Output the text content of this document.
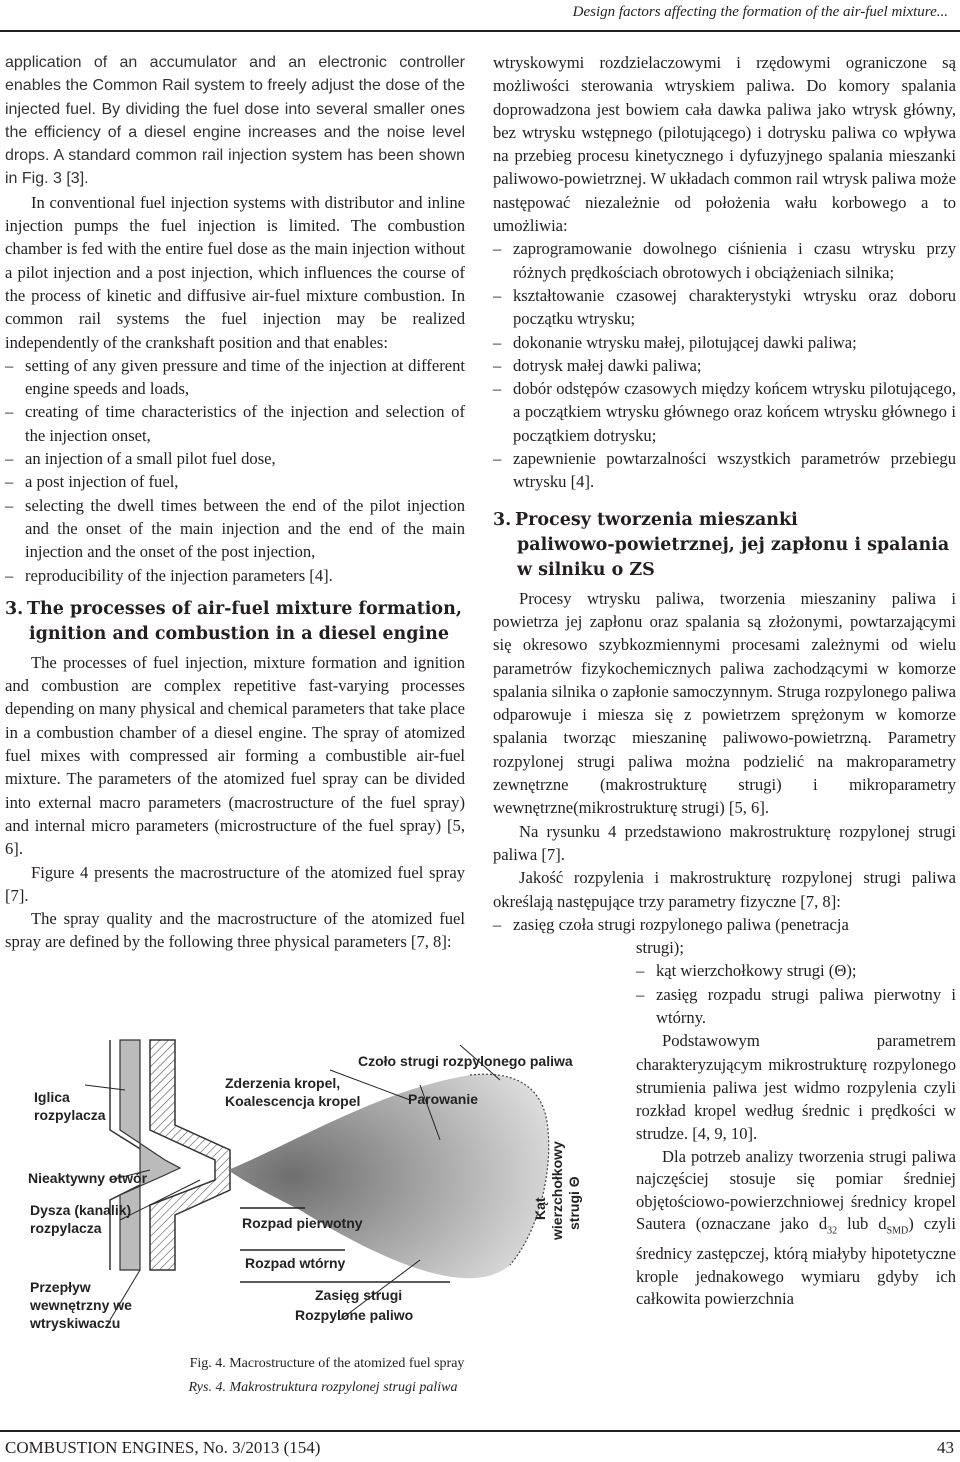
Design factors affecting the formation of the air-fuel mixture...

application of an accumulator and an electronic controller enables the Common Rail system to freely adjust the dose of the injected fuel. By dividing the fuel dose into several smaller ones the efficiency of a diesel engine increases and the noise level drops. A standard common rail injection system has been shown in Fig. 3 [3].

In conventional fuel injection systems with distributor and inline injection pumps the fuel injection is limited. The combustion chamber is fed with the entire fuel dose as the main injection without a pilot injection and a post injection, which influences the course of the process of kinetic and diffusive air-fuel mixture combustion. In common rail systems the fuel injection may be realized independently of the crankshaft position and that enables:

– setting of any given pressure and time of the injection at different engine speeds and loads,
– creating of time characteristics of the injection and selection of the injection onset,
– an injection of a small pilot fuel dose,
– a post injection of fuel,
– selecting the dwell times between the end of the pilot injection and the onset of the main injection and the end of the main injection and the onset of the post injection,
– reproducibility of the injection parameters [4].
3. The processes of air-fuel mixture formation,
ignition and combustion in a diesel engine

The processes of fuel injection, mixture formation and ignition and combustion are complex repetitive fast-varying processes depending on many physical and chemical parameters that take place in a combustion chamber of a diesel engine. The spray of atomized fuel mixes with compressed air forming a combustible air-fuel mixture. The parameters of the atomized fuel spray can be divided into external macro parameters (macrostructure of the fuel spray) and internal micro parameters (microstructure of the fuel spray) [5, 6].

Figure 4 presents the macrostructure of the atomized fuel spray [7].

The spray quality and the macrostructure of the atomized fuel spray are defined by the following three physical parameters [7, 8]:

wtryskowymi rozdzielaczowymi i rzędowymi ograniczone są możliwości sterowania wtryskiem paliwa. Do komory spalania doprowadzona jest bowiem cała dawka paliwa jako wtrysk główny, bez wtrysku wstępnego (pilotującego) i dotrysku paliwa co wpływa na przebieg procesu kinetycznego i dyfuzyjnego spalania mieszanki paliwowo-powietrznej. W układach common rail wtrysk paliwa może następować niezależnie od położenia wału korbowego a to umożliwia:

– zaprogramowanie dowolnego ciśnienia i czasu wtrysku przy różnych prędkościach obrotowych i obciążeniach silnika;
– kształtowanie czasowej charakterystyki wtrysku oraz doboru początku wtrysku;
– dokonanie wtrysku małej, pilotującej dawki paliwa;
– dotrysk małej dawki paliwa;
– dobór odstępów czasowych między końcem wtrysku pilotującego, a początkiem wtrysku głównego oraz końcem wtrysku głównego i początkiem dotrysku;
– zapewnienie powtarzalności wszystkich parametrów przebiegu wtrysku [4].
3. Procesy tworzenia mieszanki
paliwowo-powietrznej, jej zapłonu i spalania
w silniku o ZS

Procesy wtrysku paliwa, tworzenia mieszaniny paliwa i powietrza jej zapłonu oraz spalania są złożonymi, powtarzającymi się okresowo szybkozmiennymi procesami zależnymi od wielu parametrów fizykochemicznych paliwa zachodzącymi w komorze spalania silnika o zapłonie samoczynnym. Struga rozpylonego paliwa odparowuje i miesza się z powietrzem sprężonym w komorze spalania tworząc mieszaninę paliwowo-powietrzną. Parametry rozpylonej strugi paliwa można podzielić na makroparametry zewnętrzne (makrostrukturę strugi) i mikroparametry wewnętrzne(mikrostrukturę strugi) [5, 6].

Na rysunku 4 przedstawiono makrostrukturę rozpylonej strugi paliwa [7].

Jakość rozpylenia i makrostrukturę rozpylonej strugi paliwa określają następujące trzy parametry fizyczne [7, 8]:

– zasięg czoła strugi rozpylonego paliwa (penetracja

strugi);

– kąt wierzchołkowy strugi (Θ);
– zasięg rozpadu strugi paliwa pierwotny i wtórny.

Podstawowym parametrem charakteryzującym mikrostrukturę rozpylonego strumienia paliwa jest widmo rozpylenia czyli rozkład kropel według średnic i prędkości w strudze. [4, 9, 10].

Dla potrzeb analizy tworzenia strugi paliwa najczęściej stosuje się pomiar średniej objętościowo-powierzchniowej średnicy kropel Sautera (oznaczane jako $d_{32}$ lub $d_{SMD}$) czyli średnicy zastępczej, którą miałyby hipotetyczne krople jednakowego wymiaru gdyby ich całkowita powierzchnia

Iglica
rozpylacza
Zderzenia kropel,
Koalescencja kropel
Czoło strugi rozpylonego paliwa
Parowanie
Nieaktywny otwór
Dysza (kanalik)
rozpylacza	Rozpad pierwotny
Rozpad wtórny
Przepływ
wewnętrzny we
wtryskiwaczu
Zasięg strugi
Rozpylone paliwo
Kąt wierzchołkowy strugi Θ
Fig. 4. Macrostructure of the atomized fuel spray
Rys. 4. Makrostruktura rozpylonej strugi paliwa
COMBUSTION ENGINES, No. 3/2013 (154)	43
